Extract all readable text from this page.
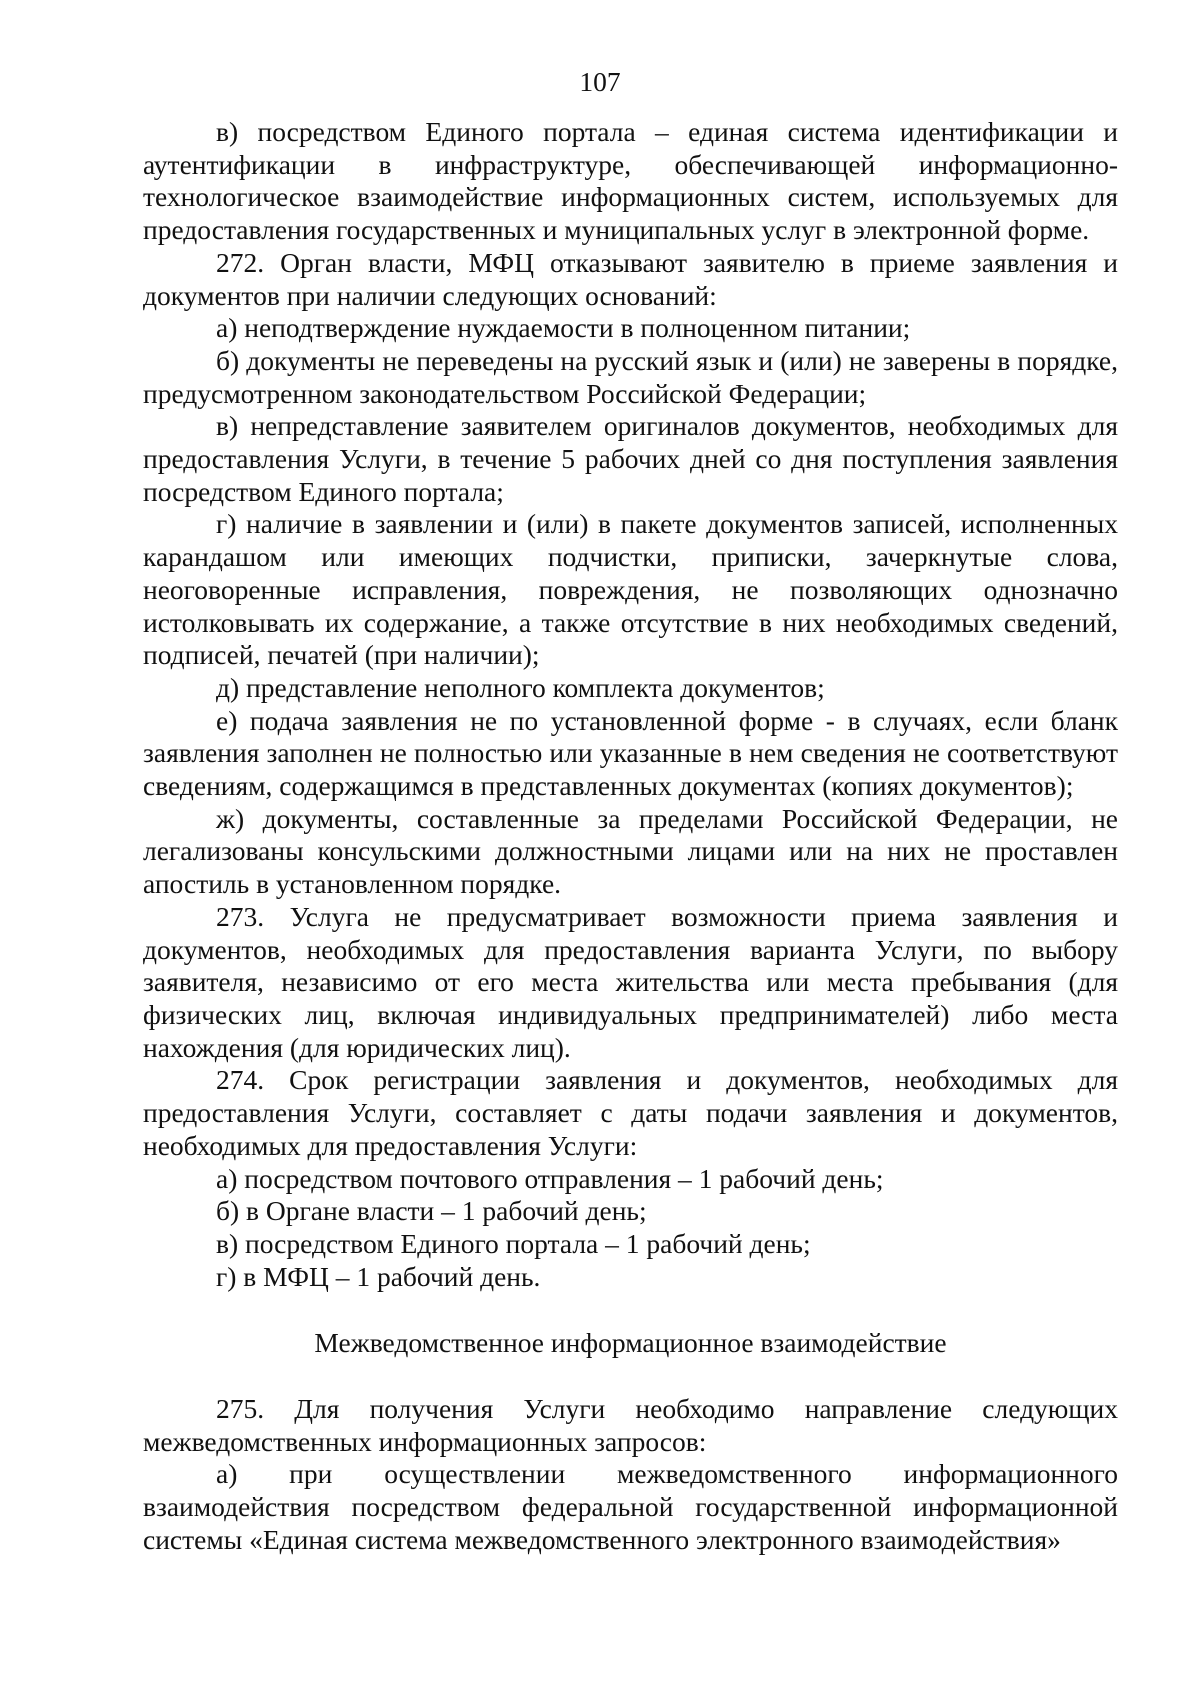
107

в) посредством Единого портала – единая система идентификации и аутентификации в инфраструктуре, обеспечивающей информационно-технологическое взаимодействие информационных систем, используемых для предоставления государственных и муниципальных услуг в электронной форме.

272. Орган власти, МФЦ отказывают заявителю в приеме заявления и документов при наличии следующих оснований:

а) неподтверждение нуждаемости в полноценном питании;

б) документы не переведены на русский язык и (или) не заверены в порядке, предусмотренном законодательством Российской Федерации;

в) непредставление заявителем оригиналов документов, необходимых для предоставления Услуги, в течение 5 рабочих дней со дня поступления заявления посредством Единого портала;

г) наличие в заявлении и (или) в пакете документов записей, исполненных карандашом или имеющих подчистки, приписки, зачеркнутые слова, неоговоренные исправления, повреждения, не позволяющих однозначно истолковывать их содержание, а также отсутствие в них необходимых сведений, подписей, печатей (при наличии);

д) представление неполного комплекта документов;

е) подача заявления не по установленной форме - в случаях, если бланк заявления заполнен не полностью или указанные в нем сведения не соответствуют сведениям, содержащимся в представленных документах (копиях документов);

ж) документы, составленные за пределами Российской Федерации, не легализованы консульскими должностными лицами или на них не проставлен апостиль в установленном порядке.

273. Услуга не предусматривает возможности приема заявления и документов, необходимых для предоставления варианта Услуги, по выбору заявителя, независимо от его места жительства или места пребывания (для физических лиц, включая индивидуальных предпринимателей) либо места нахождения (для юридических лиц).

274. Срок регистрации заявления и документов, необходимых для предоставления Услуги, составляет с даты подачи заявления и документов, необходимых для предоставления Услуги:

а) посредством почтового отправления – 1 рабочий день;

б) в Органе власти – 1 рабочий день;

в) посредством Единого портала – 1 рабочий день;

г) в МФЦ – 1 рабочий день.

Межведомственное информационное взаимодействие

275. Для получения Услуги необходимо направление следующих межведомственных информационных запросов:

а) при осуществлении межведомственного информационного взаимодействия посредством федеральной государственной информационной системы «Единая система межведомственного электронного взаимодействия»
